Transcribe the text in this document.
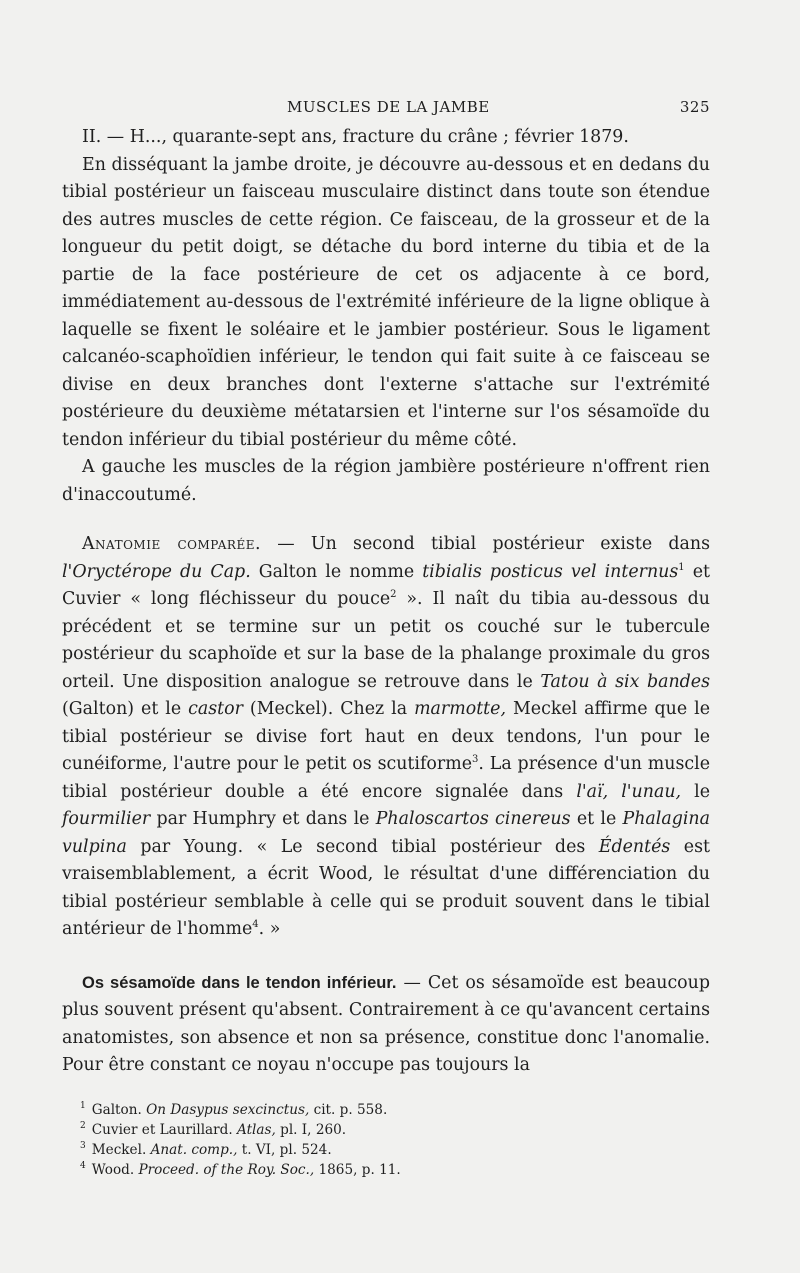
MUSCLES DE LA JAMBE	325

II. — H..., quarante-sept ans, fracture du crâne ; février 1879.

En disséquant la jambe droite, je découvre au-dessous et en dedans du tibial postérieur un faisceau musculaire distinct dans toute son étendue des autres muscles de cette région. Ce faisceau, de la grosseur et de la longueur du petit doigt, se détache du bord interne du tibia et de la partie de la face postérieure de cet os adjacente à ce bord, immédiatement au-dessous de l'extrémité inférieure de la ligne oblique à laquelle se fixent le soléaire et le jambier postérieur. Sous le ligament calcanéo-scaphoïdien inférieur, le tendon qui fait suite à ce faisceau se divise en deux branches dont l'externe s'attache sur l'extrémité postérieure du deuxième métatarsien et l'interne sur l'os sésamoïde du tendon inférieur du tibial postérieur du même côté.

A gauche les muscles de la région jambière postérieure n'offrent rien d'inaccoutumé.

Anatomie comparée. — Un second tibial postérieur existe dans l'Oryctérope du Cap. Galton le nomme tibialis posticus vel internus$^1$ et Cuvier « long fléchisseur du pouce$^2$ ». Il naît du tibia au-dessous du précédent et se termine sur un petit os couché sur le tubercule postérieur du scaphoïde et sur la base de la phalange proximale du gros orteil. Une disposition analogue se retrouve dans le Tatou à six bandes (Galton) et le castor (Meckel). Chez la marmotte, Meckel affirme que le tibial postérieur se divise fort haut en deux tendons, l'un pour le cunéiforme, l'autre pour le petit os scutiforme$^3$. La présence d'un muscle tibial postérieur double a été encore signalée dans l'aï, l'unau, le fourmilier par Humphry et dans le Phaloscartos cinereus et le Phalagina vulpina par Young. « Le second tibial postérieur des Édentés est vraisemblablement, a écrit Wood, le résultat d'une différenciation du tibial postérieur semblable à celle qui se produit souvent dans le tibial antérieur de l'homme$^4$. »

Os sésamoïde dans le tendon inférieur. — Cet os sésamoïde est beaucoup plus souvent présent qu'absent. Contrairement à ce qu'avancent certains anatomistes, son absence et non sa présence, constitue donc l'anomalie. Pour être constant ce noyau n'occupe pas toujours la

$^1$ Galton. On Dasypus sexcinctus, cit. p. 558.
$^2$ Cuvier et Laurillard. Atlas, pl. I, 260.
$^3$ Meckel. Anat. comp., t. VI, pl. 524.
$^4$ Wood. Proceed. of the Roy. Soc., 1865, p. 11.
